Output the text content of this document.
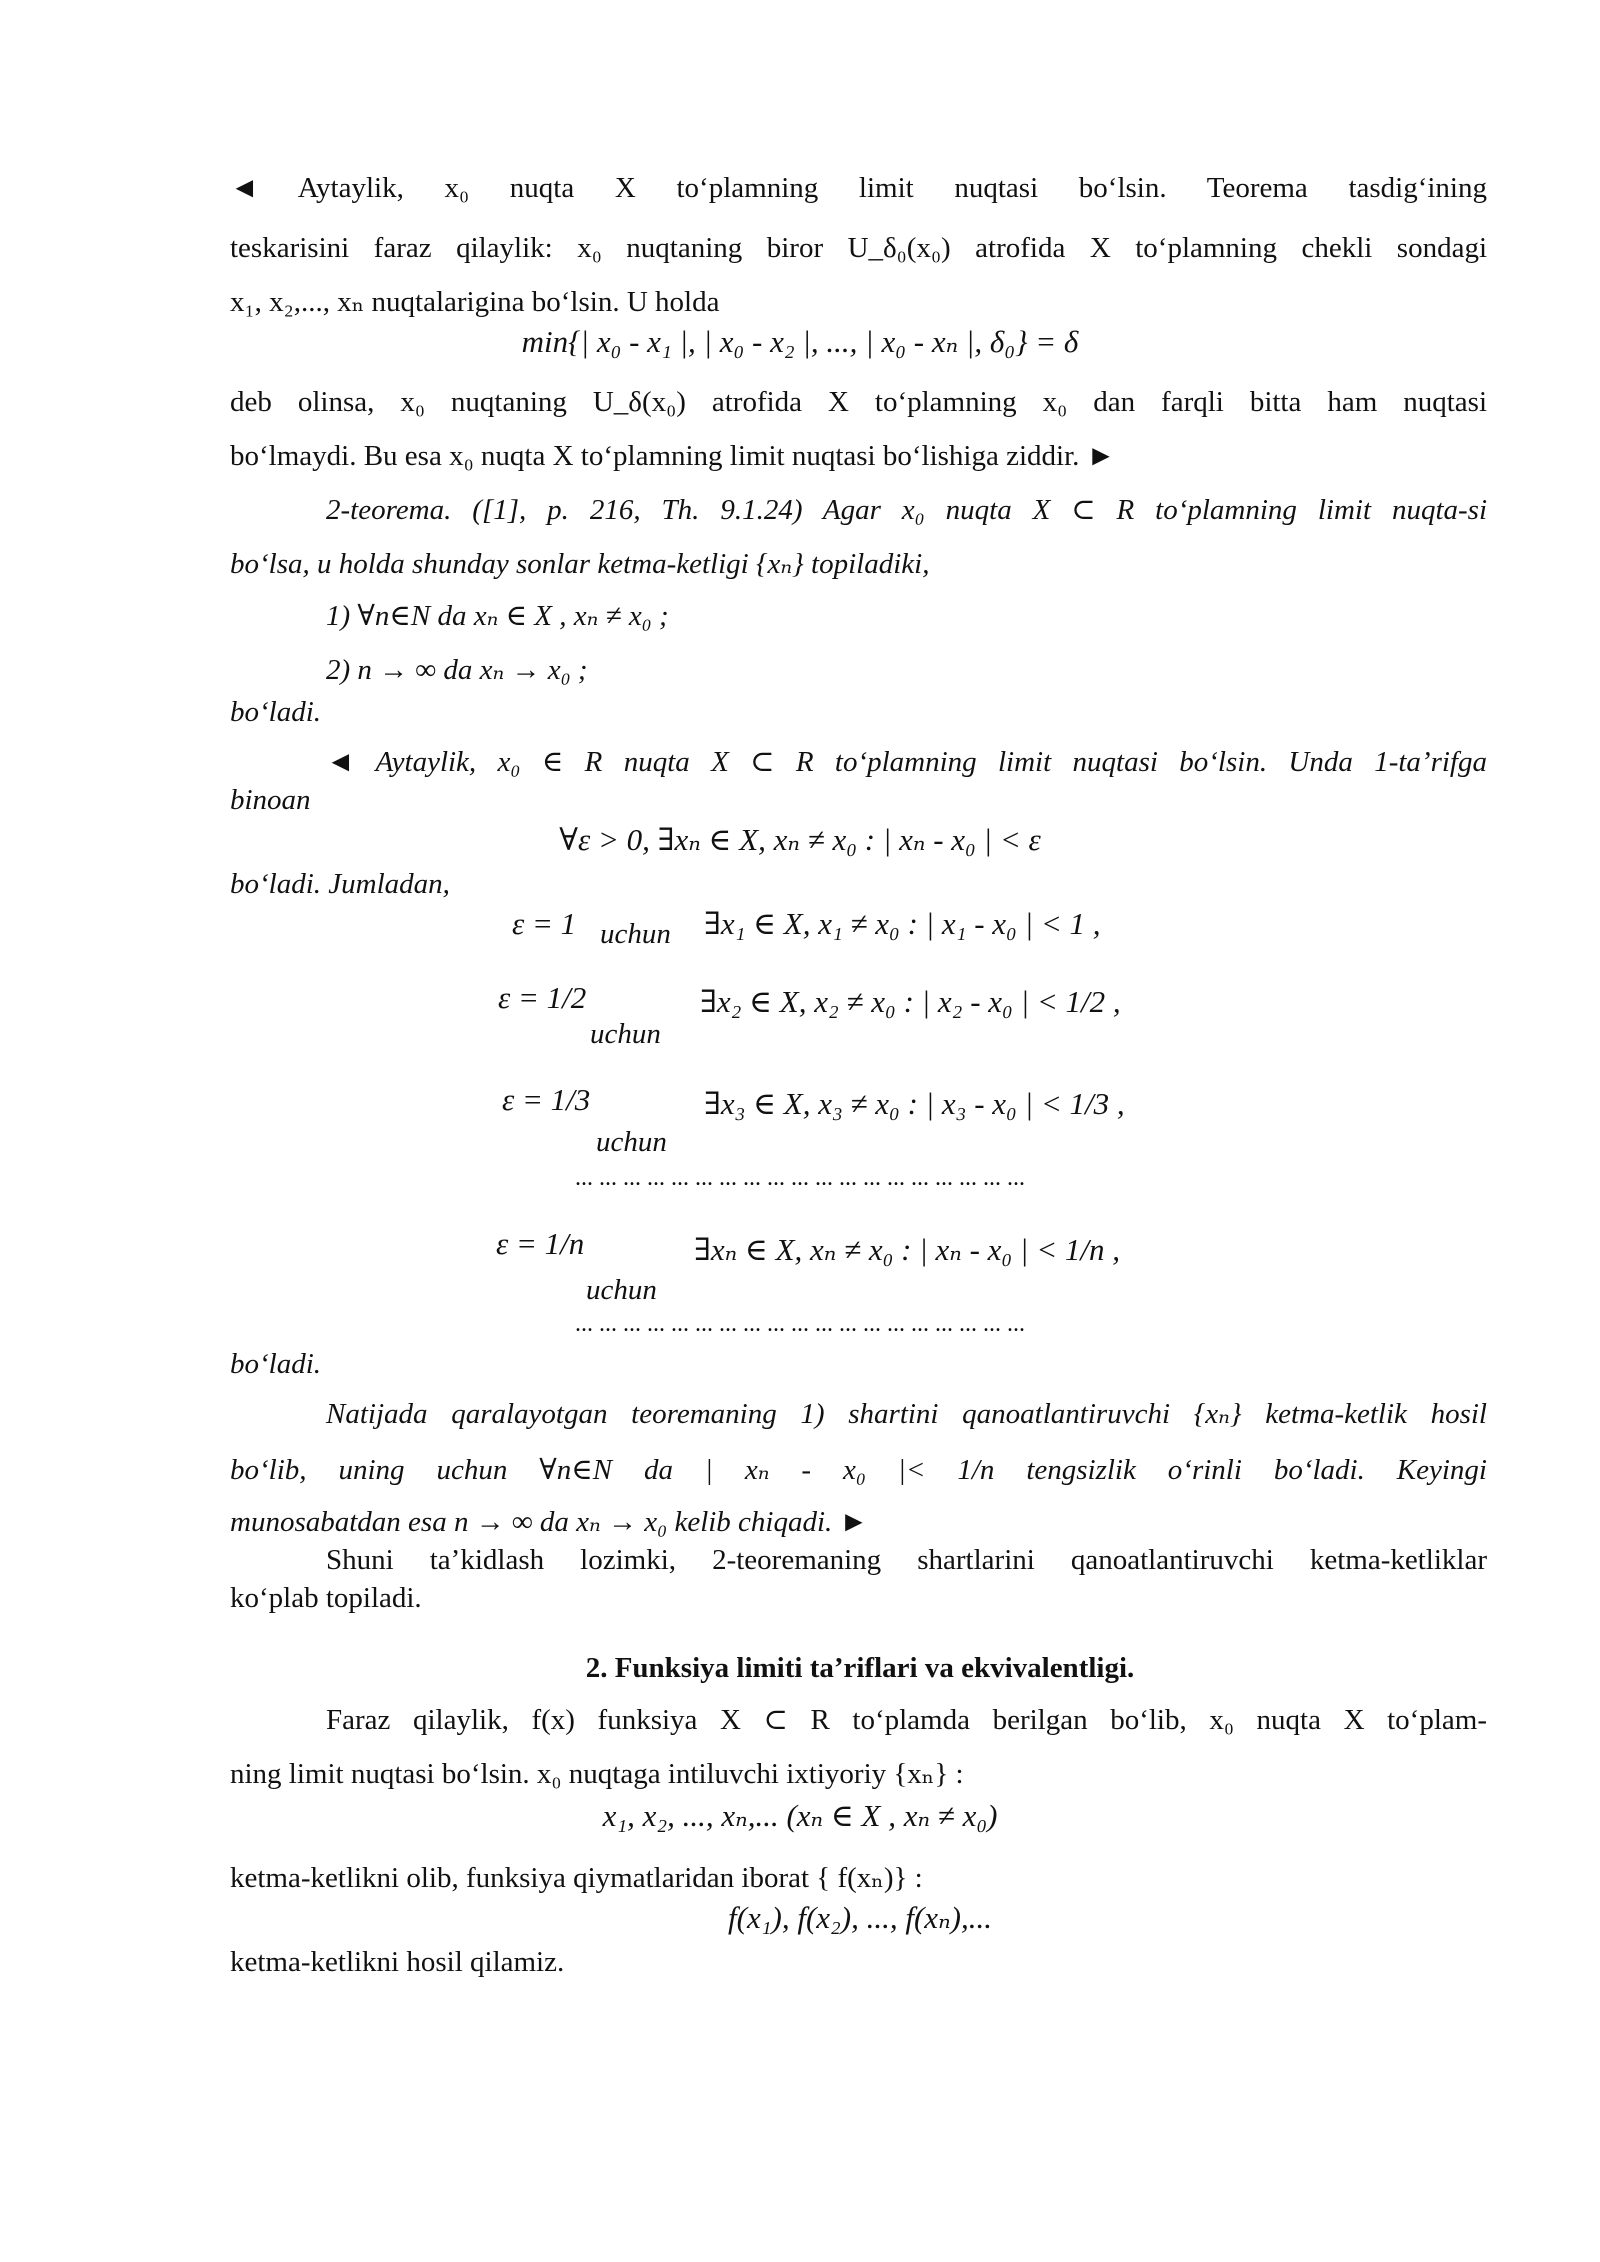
◄ Aytaylik, x₀ nuqta X to‘plamning limit nuqtasi bo‘lsin. Teorema tasdig‘ining
teskarisini faraz qilaylik: x₀ nuqtaning biror U_δ₀(x₀) atrofida X to‘plamning chekli sondagi
x₁, x₂,..., xₙ nuqtalarigina bo‘lsin. U holda
min{| x₀ - x₁ |, | x₀ - x₂ |, ..., | x₀ - xₙ |, δ₀} = δ
deb olinsa, x₀ nuqtaning U_δ(x₀) atrofida X to‘plamning x₀ dan farqli bitta ham nuqtasi
bo‘lmaydi. Bu esa x₀ nuqta X to‘plamning limit nuqtasi bo‘lishiga ziddir. ►
2-teorema. ([1], p. 216, Th. 9.1.24) Agar x₀ nuqta X ⊂ R to‘plamning limit nuqta-si
bo‘lsa, u holda shunday sonlar ketma-ketligi {xₙ} topiladiki,
1) ∀n∈N da xₙ ∈ X , xₙ ≠ x₀ ;
2) n → ∞ da xₙ → x₀ ;
bo‘ladi.
◄ Aytaylik, x₀ ∈ R nuqta X ⊂ R to‘plamning limit nuqtasi bo‘lsin. Unda 1-ta’rifga
binoan
∀ε > 0, ∃xₙ ∈ X, xₙ ≠ x₀ : | xₙ - x₀ | < ε
bo‘ladi. Jumladan,
ε = 1 uchun ∃x₁ ∈ X, x₁ ≠ x₀ : | x₁ - x₀ | < 1 ,
ε = 1/2
uchun
∃x₂ ∈ X, x₂ ≠ x₀ : | x₂ - x₀ | < 1/2 ,
ε = 1/3
uchun
∃x₃ ∈ X, x₃ ≠ x₀ : | x₃ - x₀ | < 1/3 ,
... ... ... ... ... ... ... ... ... ... ... ... ... ... ... ... ... ... ...
ε = 1/n
uchun
∃xₙ ∈ X, xₙ ≠ x₀ : | xₙ - x₀ | < 1/n ,
... ... ... ... ... ... ... ... ... ... ... ... ... ... ... ... ... ... ...
bo‘ladi.
Natijada qaralayotgan teoremaning 1) shartini qanoatlantiruvchi {xₙ} ketma-ketlik hosil
bo‘lib, uning uchun ∀n∈N da | xₙ - x₀ |< 1/n tengsizlik o‘rinli bo‘ladi. Keyingi
munosabatdan esa n → ∞ da xₙ → x₀ kelib chiqadi. ►
Shuni ta’kidlash lozimki, 2-teoremaning shartlarini qanoatlantiruvchi ketma-ketliklar
ko‘plab topiladi.
2. Funksiya limiti ta’riflari va ekvivalentligi.
Faraz qilaylik, f(x) funksiya X ⊂ R to‘plamda berilgan bo‘lib, x₀ nuqta X to‘plam-
ning limit nuqtasi bo‘lsin. x₀ nuqtaga intiluvchi ixtiyoriy {xₙ} :
x₁, x₂, ..., xₙ,... (xₙ ∈ X , xₙ ≠ x₀)
ketma-ketlikni olib, funksiya qiymatlaridan iborat { f(xₙ)} :
f(x₁), f(x₂), ..., f(xₙ),...
ketma-ketlikni hosil qilamiz.
